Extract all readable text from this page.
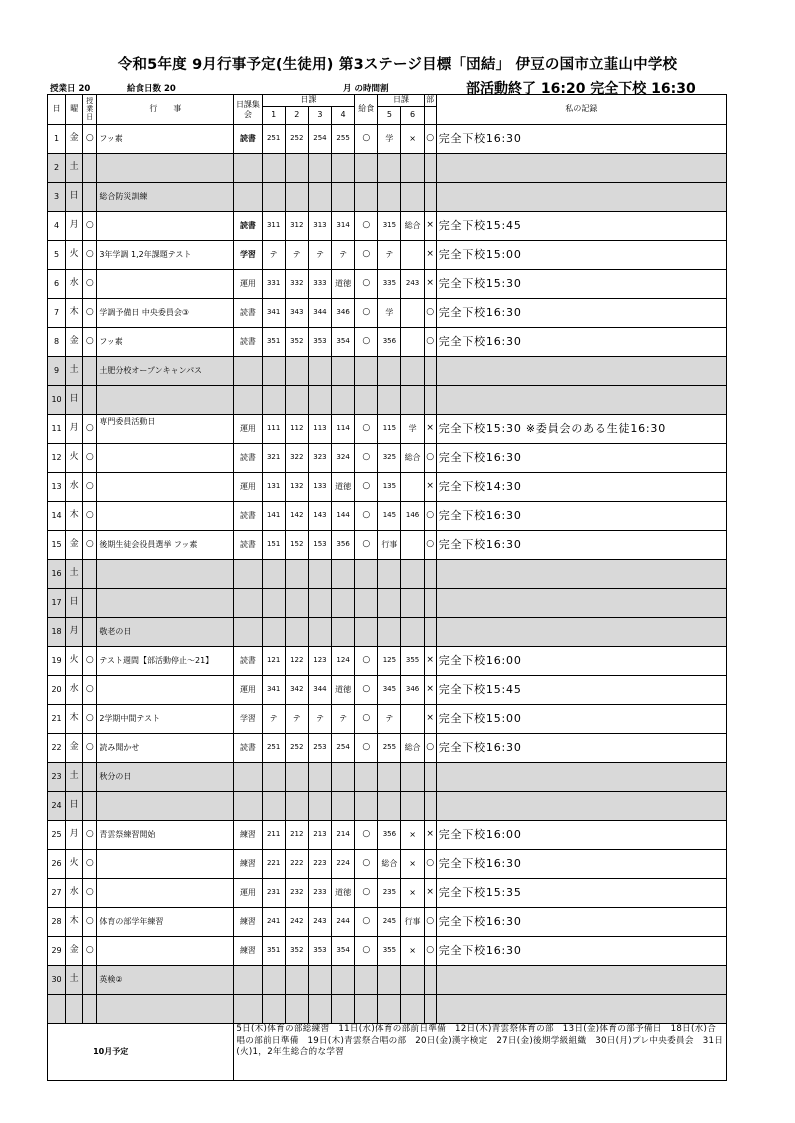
令和5年度 9月行事予定(生徒用) 第3ステージ目標「団結」 伊豆の国市立韮山中学校
授業日 20	給食日数 20	月 の時間割	部活動終了 16:20 完全下校 16:30
日	曜	授業日	行　　事	日課集会	日課				給食	日課		部	私の記録
					1	2	3	4		5	6		
1	金	○	フッ素	読書	251	252	254	255	○	学	×	○	完全下校16:30
2	土												
3	日		総合防災訓練										
4	月	○		読書	311	312	313	314	○	315	総合	×	完全下校15:45
5	火	○	3年学調 1,2年課題テスト	学習	テ	テ	テ	テ	○	テ		×	完全下校15:00
6	水	○		運用	331	332	333	道徳	○	335	243	×	完全下校15:30
7	木	○	学調予備日 中央委員会③	読書	341	343	344	346	○	学		○	完全下校16:30
8	金	○	フッ素	読書	351	352	353	354	○	356		○	完全下校16:30
9	土		土肥分校オープンキャンパス										
10	日												
11	月	○	専門委員活動日	運用	111	112	113	114	○	115	学	×	完全下校15:30 ※委員会のある生徒16:30
12	火	○		読書	321	322	323	324	○	325	総合	○	完全下校16:30
13	水	○		運用	131	132	133	道徳	○	135		×	完全下校14:30
14	木	○		読書	141	142	143	144	○	145	146	○	完全下校16:30
15	金	○	後期生徒会役員選挙 フッ素	読書	151	152	153	356	○	行事		○	完全下校16:30
16	土												
17	日												
18	月		敬老の日										
19	火	○	テスト週間【部活動停止～21】	読書	121	122	123	124	○	125	355	×	完全下校16:00
20	水	○		運用	341	342	344	道徳	○	345	346	×	完全下校15:45
21	木	○	2学期中間テスト	学習	テ	テ	テ	テ	○	テ		×	完全下校15:00
22	金	○	読み聞かせ	読書	251	252	253	254	○	255	総合	○	完全下校16:30
23	土		秋分の日										
24	日												
25	月	○	青雲祭練習開始	練習	211	212	213	214	○	356	×	×	完全下校16:00
26	火	○		練習	221	222	223	224	○	総合	×	○	完全下校16:30
27	水	○		運用	231	232	233	道徳	○	235	×	×	完全下校15:35
28	木	○	体育の部学年練習	練習	241	242	243	244	○	245	行事	○	完全下校16:30
29	金	○		練習	351	352	353	354	○	355	×	○	完全下校16:30
30	土		英検②										

10月予定				5日(木)体育の部総練習　11日(水)体育の部前日準備　12日(木)青雲祭体育の部　13日(金)体育の部予備日　18日(水)合唱の部前日準備　19日(木)青雲祭合唱の部　20日(金)漢字検定　27日(金)後期学級組織　30日(月)プレ中央委員会　31日(火)1，2年生総合的な学習									
